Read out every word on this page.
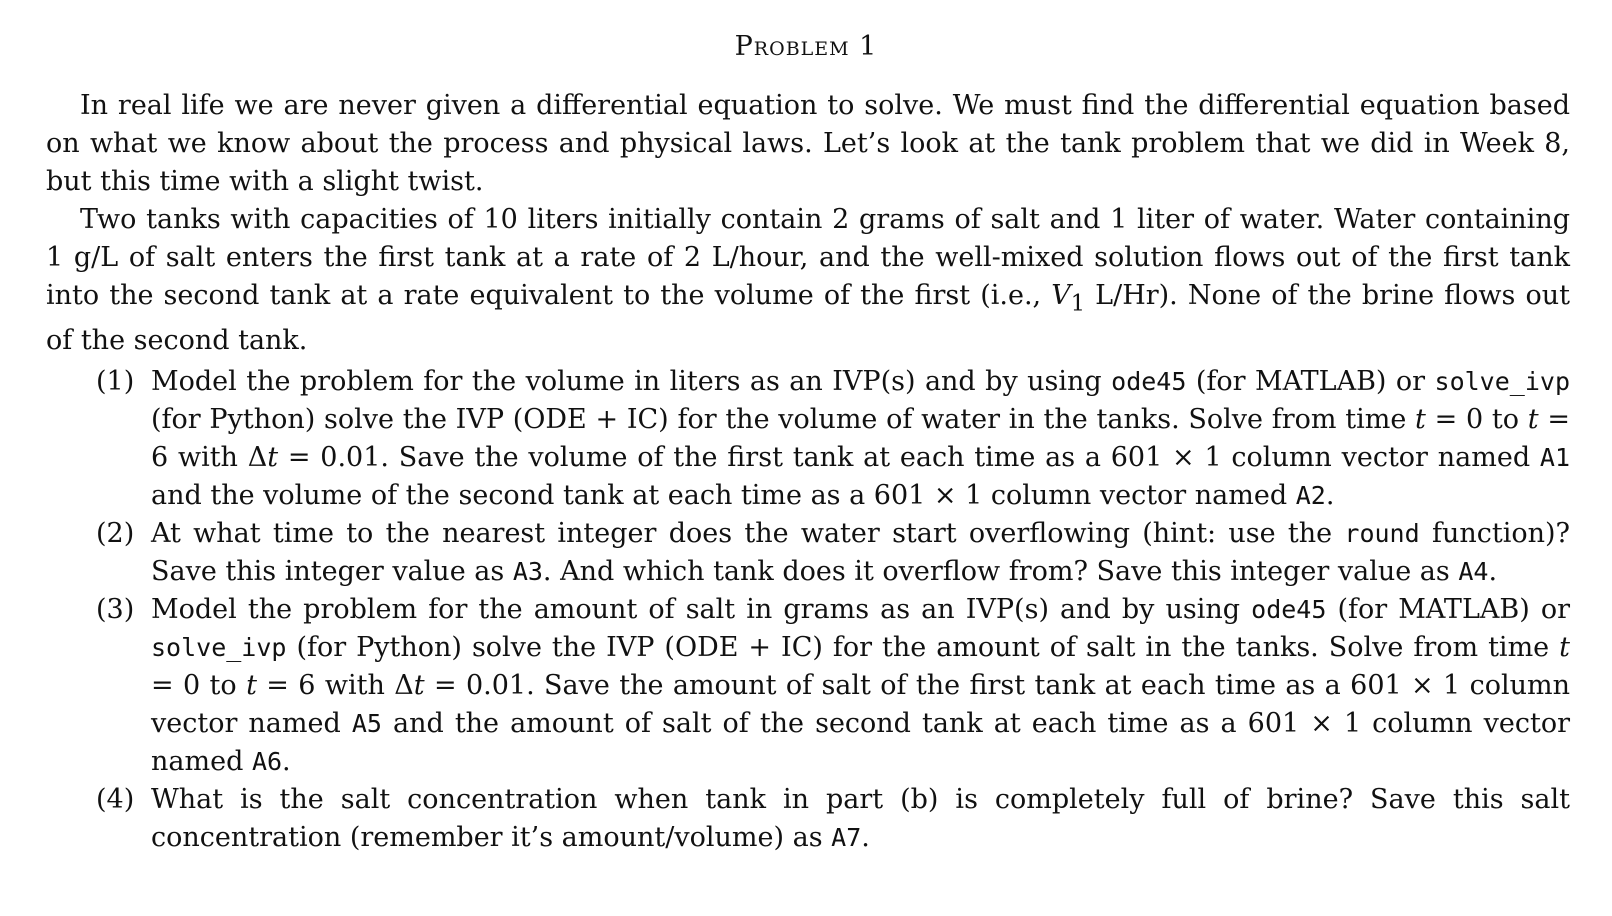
Problem 1

In real life we are never given a differential equation to solve. We must find the differential equation based on what we know about the process and physical laws. Let’s look at the tank problem that we did in Week 8, but this time with a slight twist.

Two tanks with capacities of 10 liters initially contain 2 grams of salt and 1 liter of water. Water containing 1 g/L of salt enters the first tank at a rate of 2 L/hour, and the well-mixed solution flows out of the first tank into the second tank at a rate equivalent to the volume of the first (i.e., $V_1$ L/Hr). None of the brine flows out of the second tank.

(1) Model the problem for the volume in liters as an IVP(s) and by using ode45 (for MATLAB) or solve_ivp (for Python) solve the IVP (ODE + IC) for the volume of water in the tanks. Solve from time t = 0 to t = 6 with Δt = 0.01. Save the volume of the first tank at each time as a 601 × 1 column vector named A1 and the volume of the second tank at each time as a 601 × 1 column vector named A2.
(2) At what time to the nearest integer does the water start overflowing (hint: use the round function)? Save this integer value as A3. And which tank does it overflow from? Save this integer value as A4.
(3) Model the problem for the amount of salt in grams as an IVP(s) and by using ode45 (for MATLAB) or solve_ivp (for Python) solve the IVP (ODE + IC) for the amount of salt in the tanks. Solve from time t = 0 to t = 6 with Δt = 0.01. Save the amount of salt of the first tank at each time as a 601 × 1 column vector named A5 and the amount of salt of the second tank at each time as a 601 × 1 column vector named A6.
(4) What is the salt concentration when tank in part (b) is completely full of brine? Save this salt concentration (remember it’s amount/volume) as A7.
